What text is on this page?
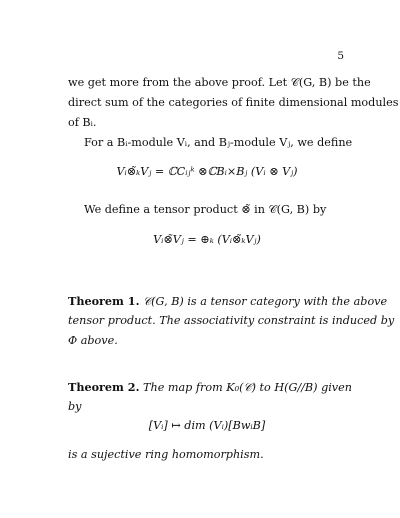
5
we get more from the above proof. Let 𝒞(G, B) be the
direct sum of the categories of finite dimensional modules
of Bᵢ.
For a Bᵢ-module Vᵢ, and Bⱼ-module Vⱼ, we define
Vᵢ⊗̃ₖVⱼ = ℂCᵢⱼᵏ ⊗ℂBᵢ×Bⱼ (Vᵢ ⊗ Vⱼ)
We define a tensor product ⊗̃ in 𝒞(G, B) by
Vᵢ⊗̃Vⱼ = ⊕ₖ (Vᵢ⊗̃ₖVⱼ)
Theorem 1. 𝒞(G, B) is a tensor category with the above
tensor product. The associativity constraint is induced by
Φ above.
Theorem 2. The map from K₀(𝒞) to H(G//B) given
by
[Vᵢ] ↦ dim (Vᵢ)[BwᵢB]
is a sujective ring homomorphism.
